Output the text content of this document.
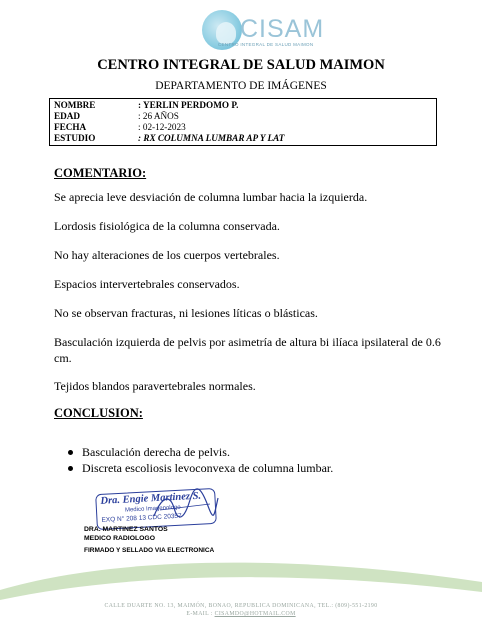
CISAM
CENTRO INTEGRAL DE SALUD MAIMON
CENTRO INTEGRAL DE SALUD MAIMON
DEPARTAMENTO DE IMÁGENES
NOMBRE	: YERLIN PERDOMO P.
EDAD	: 26 AÑOS
FECHA	: 02-12-2023
ESTUDIO	: RX COLUMNA LUMBAR AP Y LAT
COMENTARIO:
Se aprecia leve desviación de columna lumbar hacia la izquierda.
Lordosis fisiológica de la columna conservada.
No hay alteraciones de los cuerpos vertebrales.
Espacios intervertebrales conservados.
No se observan fracturas, ni lesiones líticas o blásticas.
Basculación izquierda de pelvis por asimetría de altura bi ilíaca ipsilateral de 0.6 cm.
Tejidos blandos paravertebrales normales.
CONCLUSION:
Basculación derecha de pelvis.
Discreta escoliosis levoconvexa de columna lumbar.
Dra. Engie Martinez S.
Medico Imagenologo
EXQ N° 208 13 CDC 20357
DRA. MARTINEZ SANTOS
MEDICO RADIOLOGO
FIRMADO Y SELLADO VIA ELECTRONICA
CALLE DUARTE NO. 13, MAIMÓN, BONAO, REPUBLICA DOMINICANA, TEL.: (809)-551-2190
E-MAIL : CISAMDO@HOTMAIL.COM
